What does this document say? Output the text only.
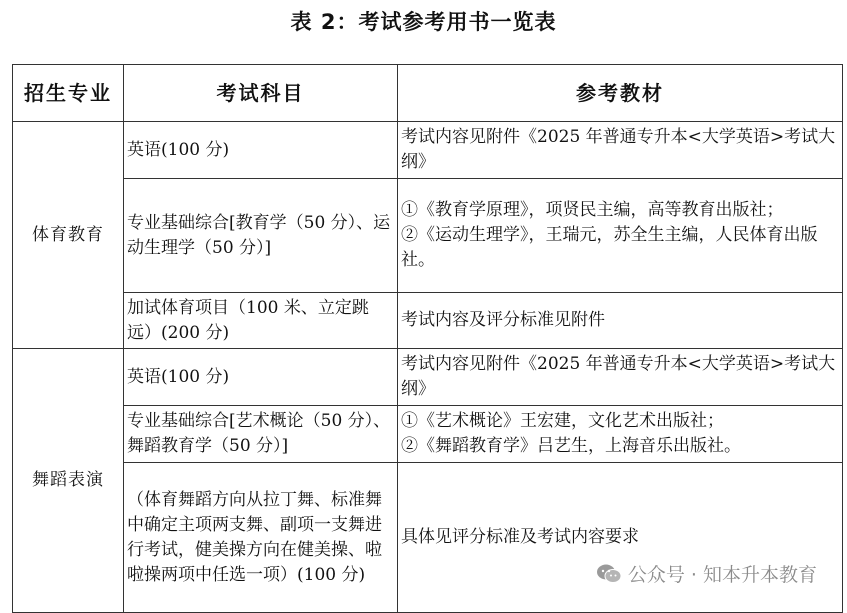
表 2：考试参考用书一览表
招生专业	考试科目	参考教材
体育教育	英语(100 分)	考试内容见附件《2025 年普通专升本<大学英语>考试大纲》
	专业基础综合[教育学（50 分）、运动生理学（50 分）]	①《教育学原理》，项贤民主编，高等教育出版社；
②《运动生理学》，王瑞元，苏全生主编，人民体育出版社。

	加试体育项目（100 米、立定跳远）(200 分)	考试内容及评分标准见附件
舞蹈表演	英语(100 分)	考试内容见附件《2025 年普通专升本<大学英语>考试大纲》
	专业基础综合[艺术概论（50 分）、舞蹈教育学（50 分）]	①《艺术概论》王宏建，文化艺术出版社；
②《舞蹈教育学》吕艺生，上海音乐出版社。

	（体育舞蹈方向从拉丁舞、标准舞中确定主项两支舞、副项一支舞进行考试，健美操方向在健美操、啦啦操两项中任选一项）(100 分)	具体见评分标准及考试内容要求
公众号 · 知本升本教育
